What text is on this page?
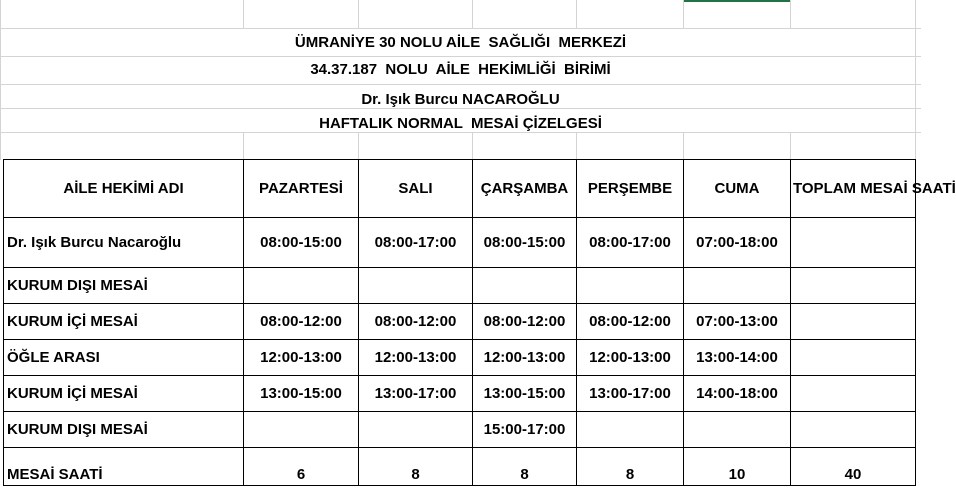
ÜMRANİYE 30 NOLU AİLE  SAĞLIĞI  MERKEZİ
34.37.187  NOLU  AİLE  HEKİMLİĞİ  BİRİMİ
Dr. Işık Burcu NACAROĞLU
HAFTALIK NORMAL  MESAİ ÇİZELGESİ
AİLE HEKİMİ ADI	PAZARTESİ	SALI	ÇARŞAMBA	PERŞEMBE	CUMA	TOPLAM MESAİ SAATİ
Dr. Işık Burcu Nacaroğlu	08:00-15:00	08:00-17:00	08:00-15:00	08:00-17:00	07:00-18:00	
KURUM DIŞI MESAİ						
KURUM İÇİ MESAİ	08:00-12:00	08:00-12:00	08:00-12:00	08:00-12:00	07:00-13:00	
ÖĞLE ARASI	12:00-13:00	12:00-13:00	12:00-13:00	12:00-13:00	13:00-14:00	
KURUM İÇİ MESAİ	13:00-15:00	13:00-17:00	13:00-15:00	13:00-17:00	14:00-18:00	
KURUM DIŞI MESAİ			15:00-17:00			
MESAİ SAATİ	6	8	8	8	10	40
